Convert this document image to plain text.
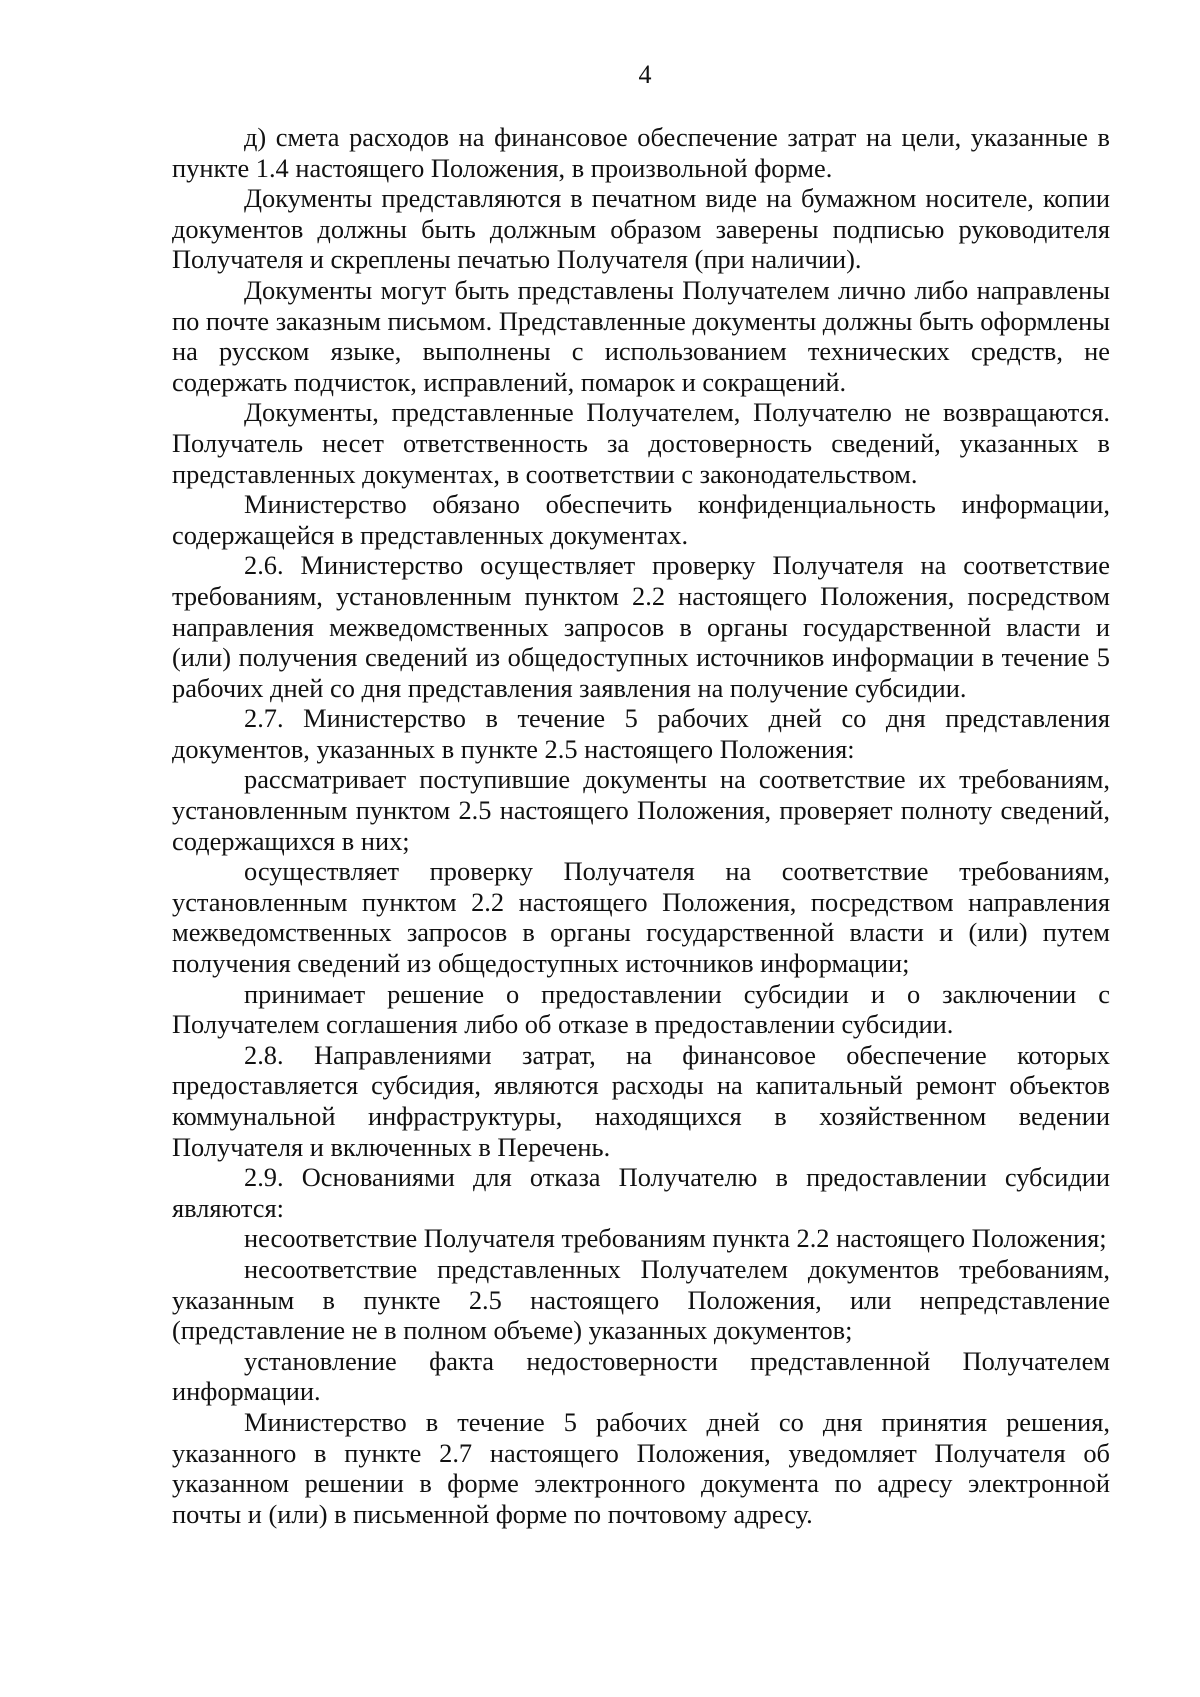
4

д) смета расходов на финансовое обеспечение затрат на цели, указанные в пункте 1.4 настоящего Положения, в произвольной форме.

Документы представляются в печатном виде на бумажном носителе, копии документов должны быть должным образом заверены подписью руководителя Получателя и скреплены печатью Получателя (при наличии).

Документы могут быть представлены Получателем лично либо направлены по почте заказным письмом. Представленные документы должны быть оформлены на русском языке, выполнены с использованием технических средств, не содержать подчисток, исправлений, помарок и сокращений.

Документы, представленные Получателем, Получателю не возвращаются. Получатель несет ответственность за достоверность сведений, указанных в представленных документах, в соответствии с законодательством.

Министерство обязано обеспечить конфиденциальность информации, содержащейся в представленных документах.

2.6. Министерство осуществляет проверку Получателя на соответствие требованиям, установленным пунктом 2.2 настоящего Положения, посредством направления межведомственных запросов в органы государственной власти и (или) получения сведений из общедоступных источников информации в течение 5 рабочих дней со дня представления заявления на получение субсидии.

2.7. Министерство в течение 5 рабочих дней со дня представления документов, указанных в пункте 2.5 настоящего Положения:

рассматривает поступившие документы на соответствие их требованиям, установленным пунктом 2.5 настоящего Положения, проверяет полноту сведений, содержащихся в них;

осуществляет проверку Получателя на соответствие требованиям, установленным пунктом 2.2 настоящего Положения, посредством направления межведомственных запросов в органы государственной власти и (или) путем получения сведений из общедоступных источников информации;

принимает решение о предоставлении субсидии и о заключении с Получателем соглашения либо об отказе в предоставлении субсидии.

2.8. Направлениями затрат, на финансовое обеспечение которых предоставляется субсидия, являются расходы на капитальный ремонт объектов коммунальной инфраструктуры, находящихся в хозяйственном ведении Получателя и включенных в Перечень.

2.9. Основаниями для отказа Получателю в предоставлении субсидии являются:

несоответствие Получателя требованиям пункта 2.2 настоящего Положения;

несоответствие представленных Получателем документов требованиям, указанным в пункте 2.5 настоящего Положения, или непредставление (представление не в полном объеме) указанных документов;

установление факта недостоверности представленной Получателем информации.

Министерство в течение 5 рабочих дней со дня принятия решения, указанного в пункте 2.7 настоящего Положения, уведомляет Получателя об указанном решении в форме электронного документа по адресу электронной почты и (или) в письменной форме по почтовому адресу.
